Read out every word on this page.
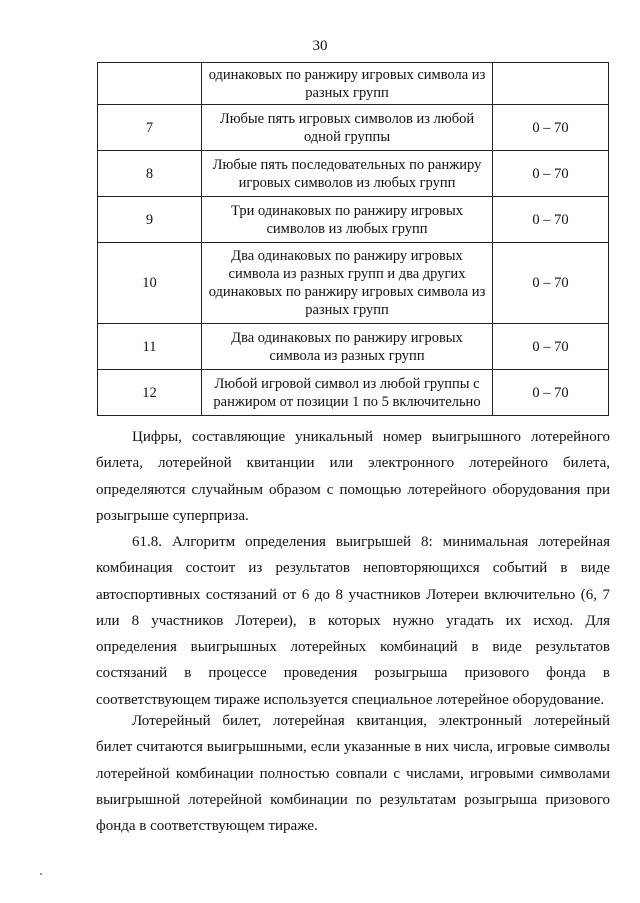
30
	одинаковых по ранжиру игровых символа из разных групп	
7	Любые пять игровых символов из любой одной группы	0 – 70
8	Любые пять последовательных по ранжиру игровых символов из любых групп	0 – 70
9	Три одинаковых по ранжиру игровых символов из любых групп	0 – 70
10	Два одинаковых по ранжиру игровых символа из разных групп и два других одинаковых по ранжиру игровых символа из разных групп	0 – 70
11	Два одинаковых по ранжиру игровых символа из разных групп	0 – 70
12	Любой игровой символ из любой группы с ранжиром от позиции 1 по 5 включительно	0 – 70

Цифры, составляющие уникальный номер выигрышного лотерейного билета, лотерейной квитанции или электронного лотерейного билета, определяются случайным образом с помощью лотерейного оборудования при розыгрыше суперприза.

61.8. Алгоритм определения выигрышей 8: минимальная лотерейная комбинация состоит из результатов неповторяющихся событий в виде автоспортивных состязаний от 6 до 8 участников Лотереи включительно (6, 7 или 8 участников Лотереи), в которых нужно угадать их исход. Для определения выигрышных лотерейных комбинаций в виде результатов состязаний в процессе проведения розыгрыша призового фонда в соответствующем тираже используется специальное лотерейное оборудование.

Лотерейный билет, лотерейная квитанция, электронный лотерейный билет считаются выигрышными, если указанные в них числа, игровые символы лотерейной комбинации полностью совпали с числами, игровыми символами выигрышной лотерейной комбинации по результатам розыгрыша призового фонда в соответствующем тираже.
